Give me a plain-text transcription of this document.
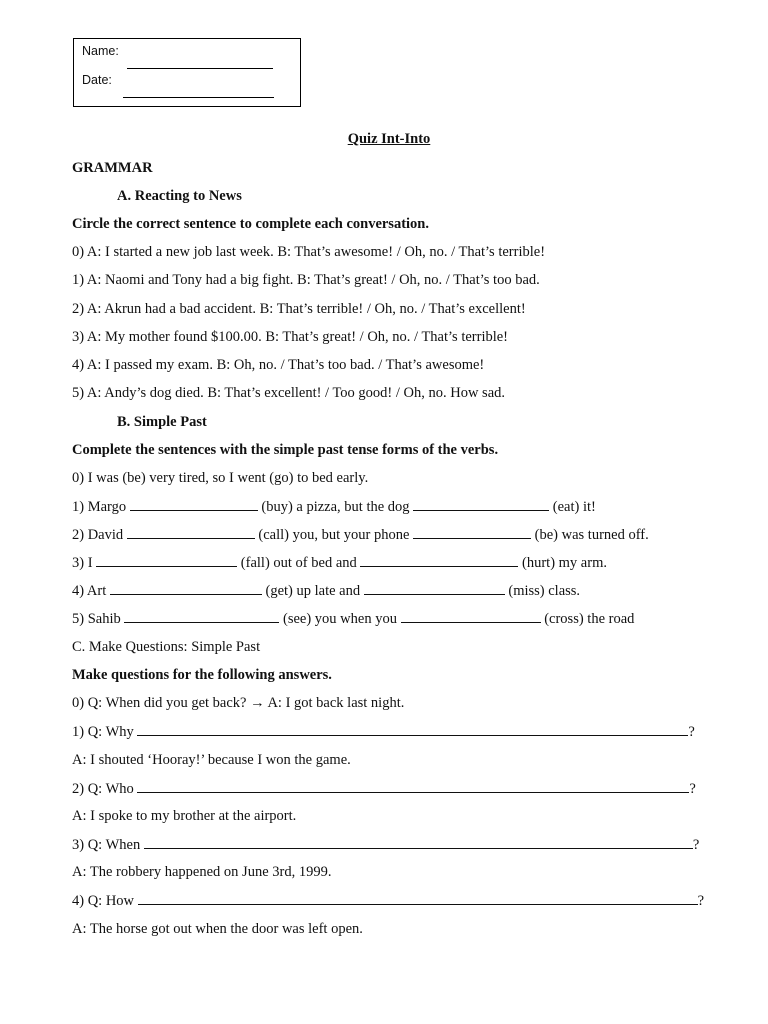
Name:
Date:
Quiz Int-Into
GRAMMAR
A. Reacting to News
Circle the correct sentence to complete each conversation.
0) A: I started a new job last week. B: That’s awesome! / Oh, no. / That’s terrible!
1) A: Naomi and Tony had a big fight. B: That’s great! / Oh, no. / That’s too bad.
2) A: Akrun had a bad accident. B: That’s terrible! / Oh, no. / That’s excellent!
3) A: My mother found $100.00. B: That’s great! / Oh, no. / That’s terrible!
4) A: I passed my exam. B: Oh, no. / That’s too bad. / That’s awesome!
5) A: Andy’s dog died. B: That’s excellent! / Too good! / Oh, no. How sad.
B. Simple Past
Complete the sentences with the simple past tense forms of the verbs.
0) I was (be) very tired, so I went (go) to bed early.
1) Margo	(buy) a pizza, but the dog	(eat) it!
2) David	(call) you, but your phone	(be) was turned off.
3) I	(fall) out of bed and	(hurt) my arm.
4) Art	(get) up late and	(miss) class.
5) Sahib	(see) you when you	(cross) the road
C. Make Questions: Simple Past
Make questions for the following answers.
0) Q: When did you get back? → A: I got back last night.
1) Q: Why	?
A: I shouted ‘Hooray!’ because I won the game.
2) Q: Who	?
A: I spoke to my brother at the airport.
3) Q: When	?
A: The robbery happened on June 3rd, 1999.
4) Q: How	?
A: The horse got out when the door was left open.
